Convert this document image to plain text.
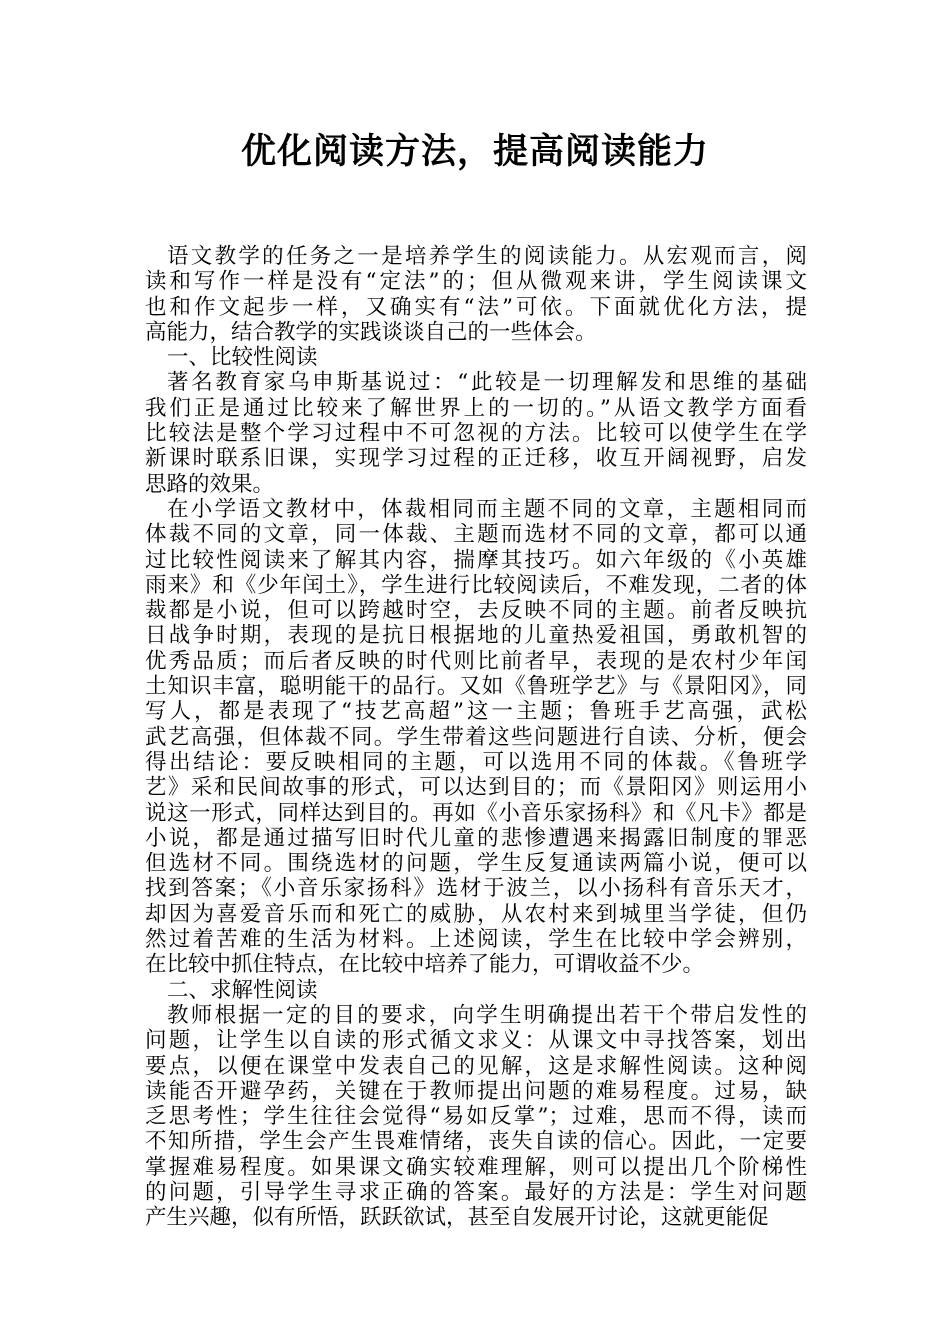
优化阅读方法，提高阅读能力
语文教学的任务之一是培养学生的阅读能力。从宏观而言，阅
读和写作一样是没有“定法”的；但从微观来讲，学生阅读课文
也和作文起步一样，又确实有“法”可依。下面就优化方法，提
高能力，结合教学的实践谈谈自己的一些体会。
一、比较性阅读
著名教育家乌申斯基说过：“此较是一切理解发和思维的基础
我们正是通过比较来了解世界上的一切的。”从语文教学方面看
比较法是整个学习过程中不可忽视的方法。比较可以使学生在学
新课时联系旧课，实现学习过程的正迁移，收互开阔视野，启发
思路的效果。
在小学语文教材中，体裁相同而主题不同的文章，主题相同而
体裁不同的文章，同一体裁、主题而选材不同的文章，都可以通
过比较性阅读来了解其内容，揣摩其技巧。如六年级的《小英雄
雨来》和《少年闰土》，学生进行比较阅读后，不难发现，二者的体
裁都是小说，但可以跨越时空，去反映不同的主题。前者反映抗
日战争时期，表现的是抗日根据地的儿童热爱祖国，勇敢机智的
优秀品质；而后者反映的时代则比前者早，表现的是农村少年闰
土知识丰富，聪明能干的品行。又如《鲁班学艺》与《景阳冈》，同
写人，都是表现了“技艺高超”这一主题；鲁班手艺高强，武松
武艺高强，但体裁不同。学生带着这些问题进行自读、分析，便会
得出结论：要反映相同的主题，可以选用不同的体裁。《鲁班学
艺》采和民间故事的形式，可以达到目的；而《景阳冈》则运用小
说这一形式，同样达到目的。再如《小音乐家扬科》和《凡卡》都是
小说，都是通过描写旧时代儿童的悲惨遭遇来揭露旧制度的罪恶
但选材不同。围绕选材的问题，学生反复通读两篇小说，便可以
找到答案；《小音乐家扬科》选材于波兰，以小扬科有音乐天才，
却因为喜爱音乐而和死亡的威胁，从农村来到城里当学徒，但仍
然过着苦难的生活为材料。上述阅读，学生在比较中学会辨别，
在比较中抓住特点，在比较中培养了能力，可谓收益不少。
二、求解性阅读
教师根据一定的目的要求，向学生明确提出若干个带启发性的
问题，让学生以自读的形式循文求义：从课文中寻找答案，划出
要点，以便在课堂中发表自己的见解，这是求解性阅读。这种阅
读能否开避孕药，关键在于教师提出问题的难易程度。过易，缺
乏思考性；学生往往会觉得“易如反掌”；过难，思而不得，读而
不知所措，学生会产生畏难情绪，丧失自读的信心。因此，一定要
掌握难易程度。如果课文确实较难理解，则可以提出几个阶梯性
的问题，引导学生寻求正确的答案。最好的方法是：学生对问题
产生兴趣，似有所悟，跃跃欲试，甚至自发展开讨论，这就更能促
